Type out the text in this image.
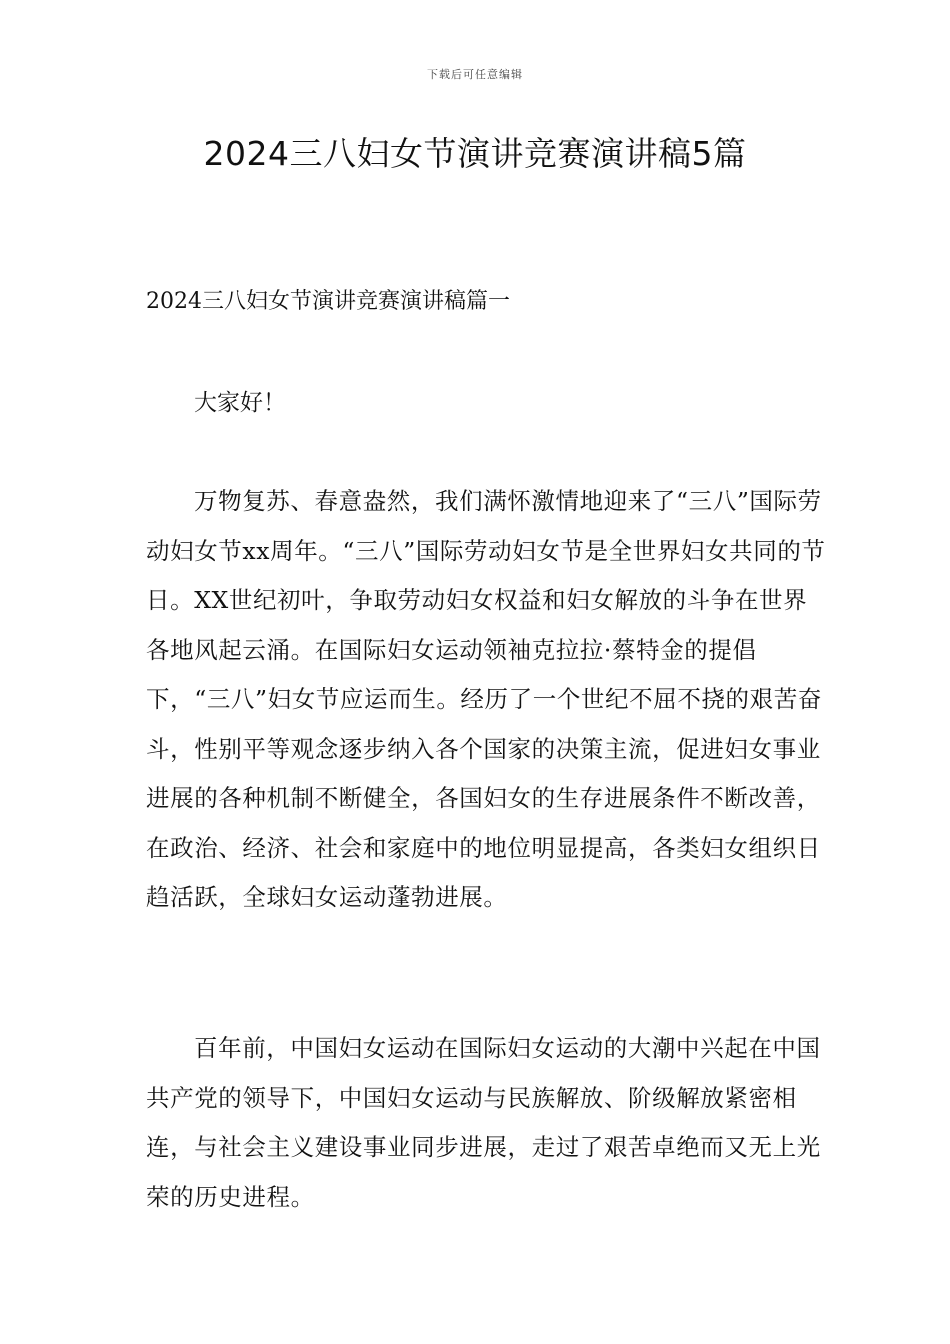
下载后可任意编辑
2024三八妇女节演讲竞赛演讲稿5篇
2024三八妇女节演讲竞赛演讲稿篇一

大家好！

万物复苏、春意盎然，我们满怀激情地迎来了“三八”国际劳动妇女节xx周年。“三八”国际劳动妇女节是全世界妇女共同的节日。XX世纪初叶，争取劳动妇女权益和妇女解放的斗争在世界各地风起云涌。在国际妇女运动领袖克拉拉·蔡特金的提倡下，“三八”妇女节应运而生。经历了一个世纪不屈不挠的艰苦奋斗，性别平等观念逐步纳入各个国家的决策主流，促进妇女事业进展的各种机制不断健全，各国妇女的生存进展条件不断改善，在政治、经济、社会和家庭中的地位明显提高，各类妇女组织日趋活跃，全球妇女运动蓬勃进展。

百年前，中国妇女运动在国际妇女运动的大潮中兴起在中国共产党的领导下，中国妇女运动与民族解放、阶级解放紧密相连，与社会主义建设事业同步进展，走过了艰苦卓绝而又无上光荣的历史进程。
